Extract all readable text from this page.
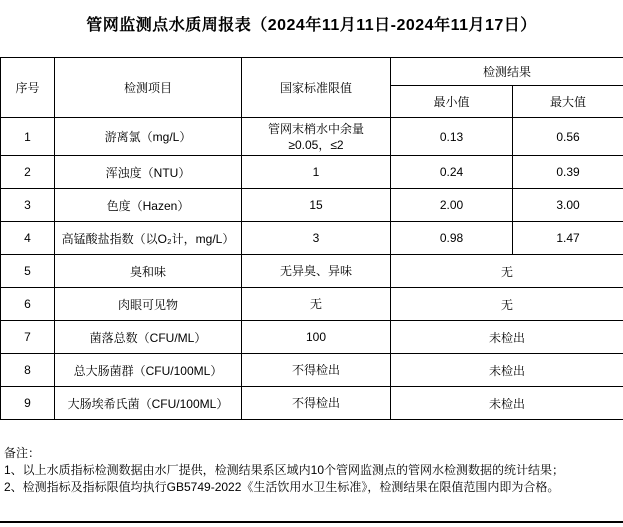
管网监测点水质周报表（2024年11月11日-2024年11月17日）
序号	检测项目	国家标准限值	检测结果	
			最小值	最大值
1	游离氯（mg/L）	管网末梢水中余量≥0.05，≤2	0.13	0.56
2	浑浊度（NTU）	1	0.24	0.39
3	色度（Hazen）	15	2.00	3.00
4	高锰酸盐指数（以O₂计，mg/L）	3	0.98	1.47
5	臭和味	无异臭、异味	无	
6	肉眼可见物	无	无	
7	菌落总数（CFU/ML）	100	未检出	
8	总大肠菌群（CFU/100ML）	不得检出	未检出	
9	大肠埃希氏菌（CFU/100ML）	不得检出	未检出	
备注：
1、以上水质指标检测数据由水厂提供，检测结果系区域内10个管网监测点的管网水检测数据的统计结果；
2、检测指标及指标限值均执行GB5749-2022《生活饮用水卫生标准》，检测结果在限值范围内即为合格。
